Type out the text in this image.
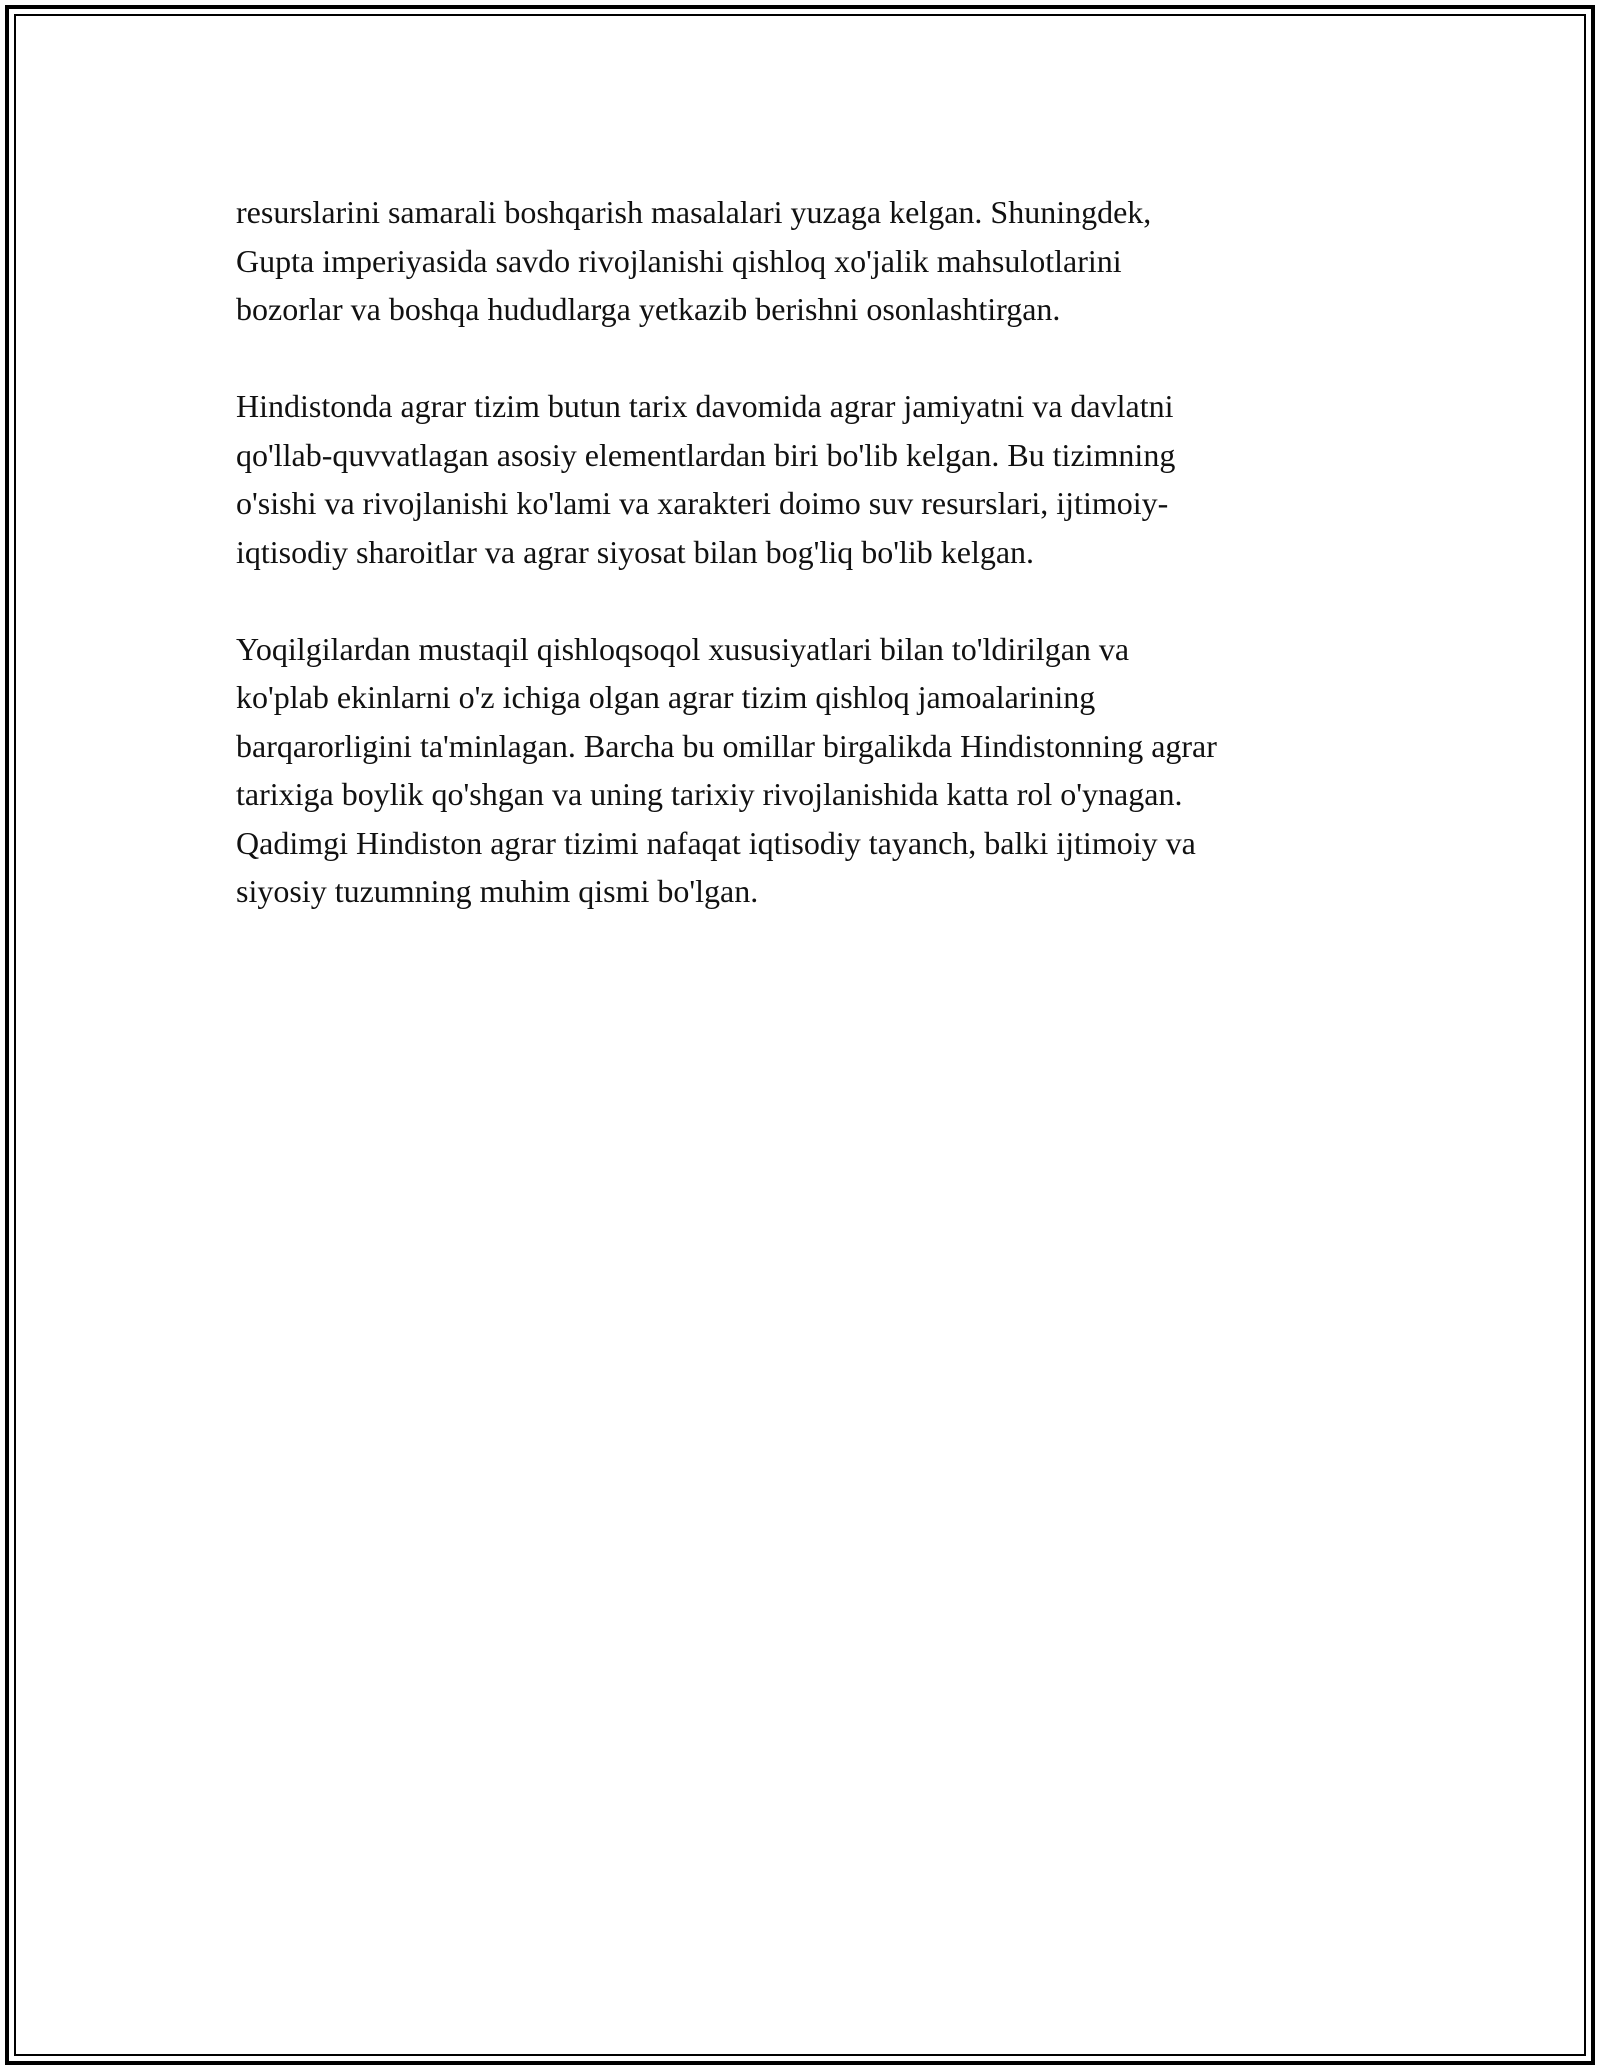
resurslarini samarali boshqarish masalalari yuzaga kelgan. Shuningdek,
Gupta imperiyasida savdo rivojlanishi qishloq xo'jalik mahsulotlarini
bozorlar va boshqa hududlarga yetkazib berishni osonlashtirgan.

Hindistonda agrar tizim butun tarix davomida agrar jamiyatni va davlatni
qo'llab-quvvatlagan asosiy elementlardan biri bo'lib kelgan. Bu tizimning
o'sishi va rivojlanishi ko'lami va xarakteri doimo suv resurslari, ijtimoiy-
iqtisodiy sharoitlar va agrar siyosat bilan bog'liq bo'lib kelgan.

Yoqilgilardan mustaqil qishloqsoqol xususiyatlari bilan to'ldirilgan va
ko'plab ekinlarni o'z ichiga olgan agrar tizim qishloq jamoalarining
barqarorligini ta'minlagan. Barcha bu omillar birgalikda Hindistonning agrar
tarixiga boylik qo'shgan va uning tarixiy rivojlanishida katta rol o'ynagan.
Qadimgi Hindiston agrar tizimi nafaqat iqtisodiy tayanch, balki ijtimoiy va
siyosiy tuzumning muhim qismi bo'lgan.
